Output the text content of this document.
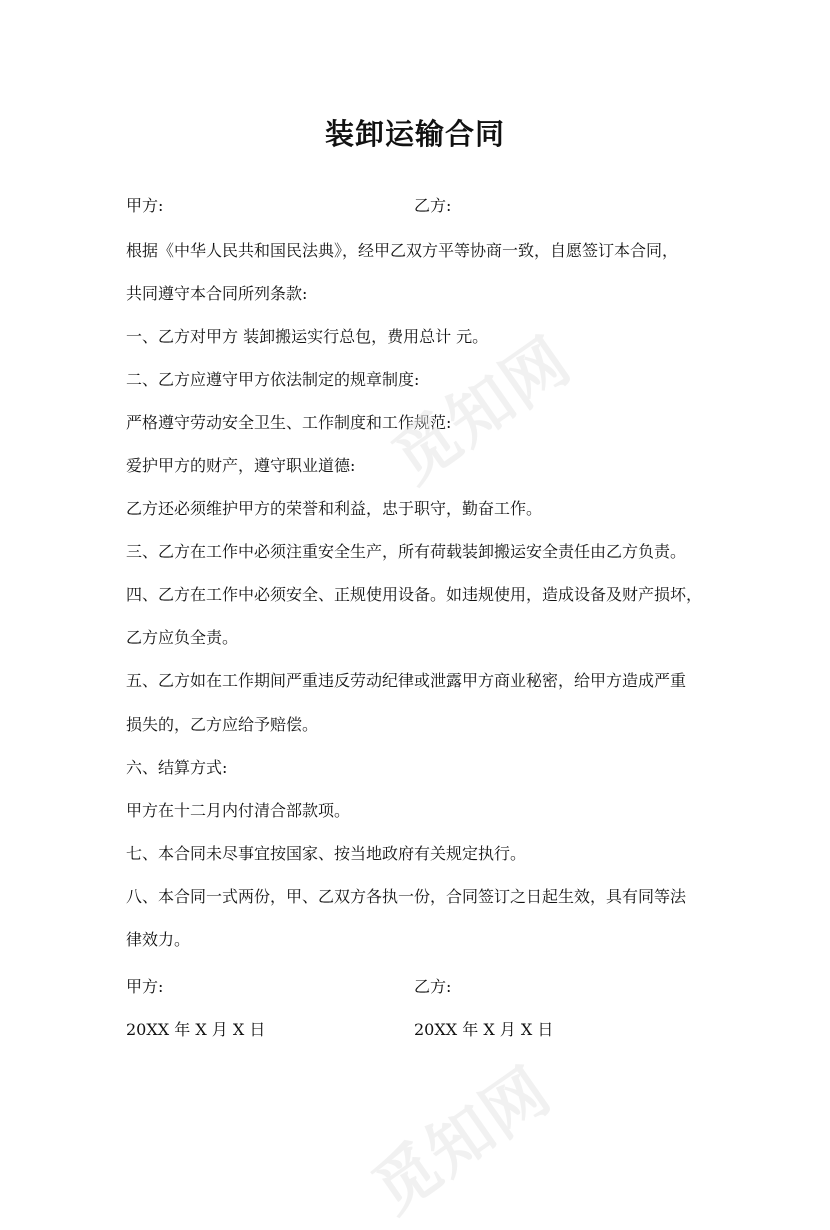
装卸运输合同
甲方:	乙方:
根据《中华人民共和国民法典》，经甲乙双方平等协商一致，自愿签订本合同，
共同遵守本合同所列条款:
一、乙方对甲方 装卸搬运实行总包，费用总计 元。
二、乙方应遵守甲方依法制定的规章制度:
严格遵守劳动安全卫生、工作制度和工作规范:
爱护甲方的财产，遵守职业道德:
乙方还必须维护甲方的荣誉和利益，忠于职守，勤奋工作。
三、乙方在工作中必须注重安全生产，所有荷载装卸搬运安全责任由乙方负责。
四、乙方在工作中必须安全、正规使用设备。如违规使用，造成设备及财产损坏，
乙方应负全责。
五、乙方如在工作期间严重违反劳动纪律或泄露甲方商业秘密，给甲方造成严重
损失的，乙方应给予赔偿。
六、结算方式:
甲方在十二月内付清合部款项。
七、本合同未尽事宜按国家、按当地政府有关规定执行。
八、本合同一式两份，甲、乙双方各执一份，合同签订之日起生效，具有同等法
律效力。
甲方:	乙方:
20XX 年 X 月 X 日	20XX 年 X 月 X 日
觅知网
觅知网
